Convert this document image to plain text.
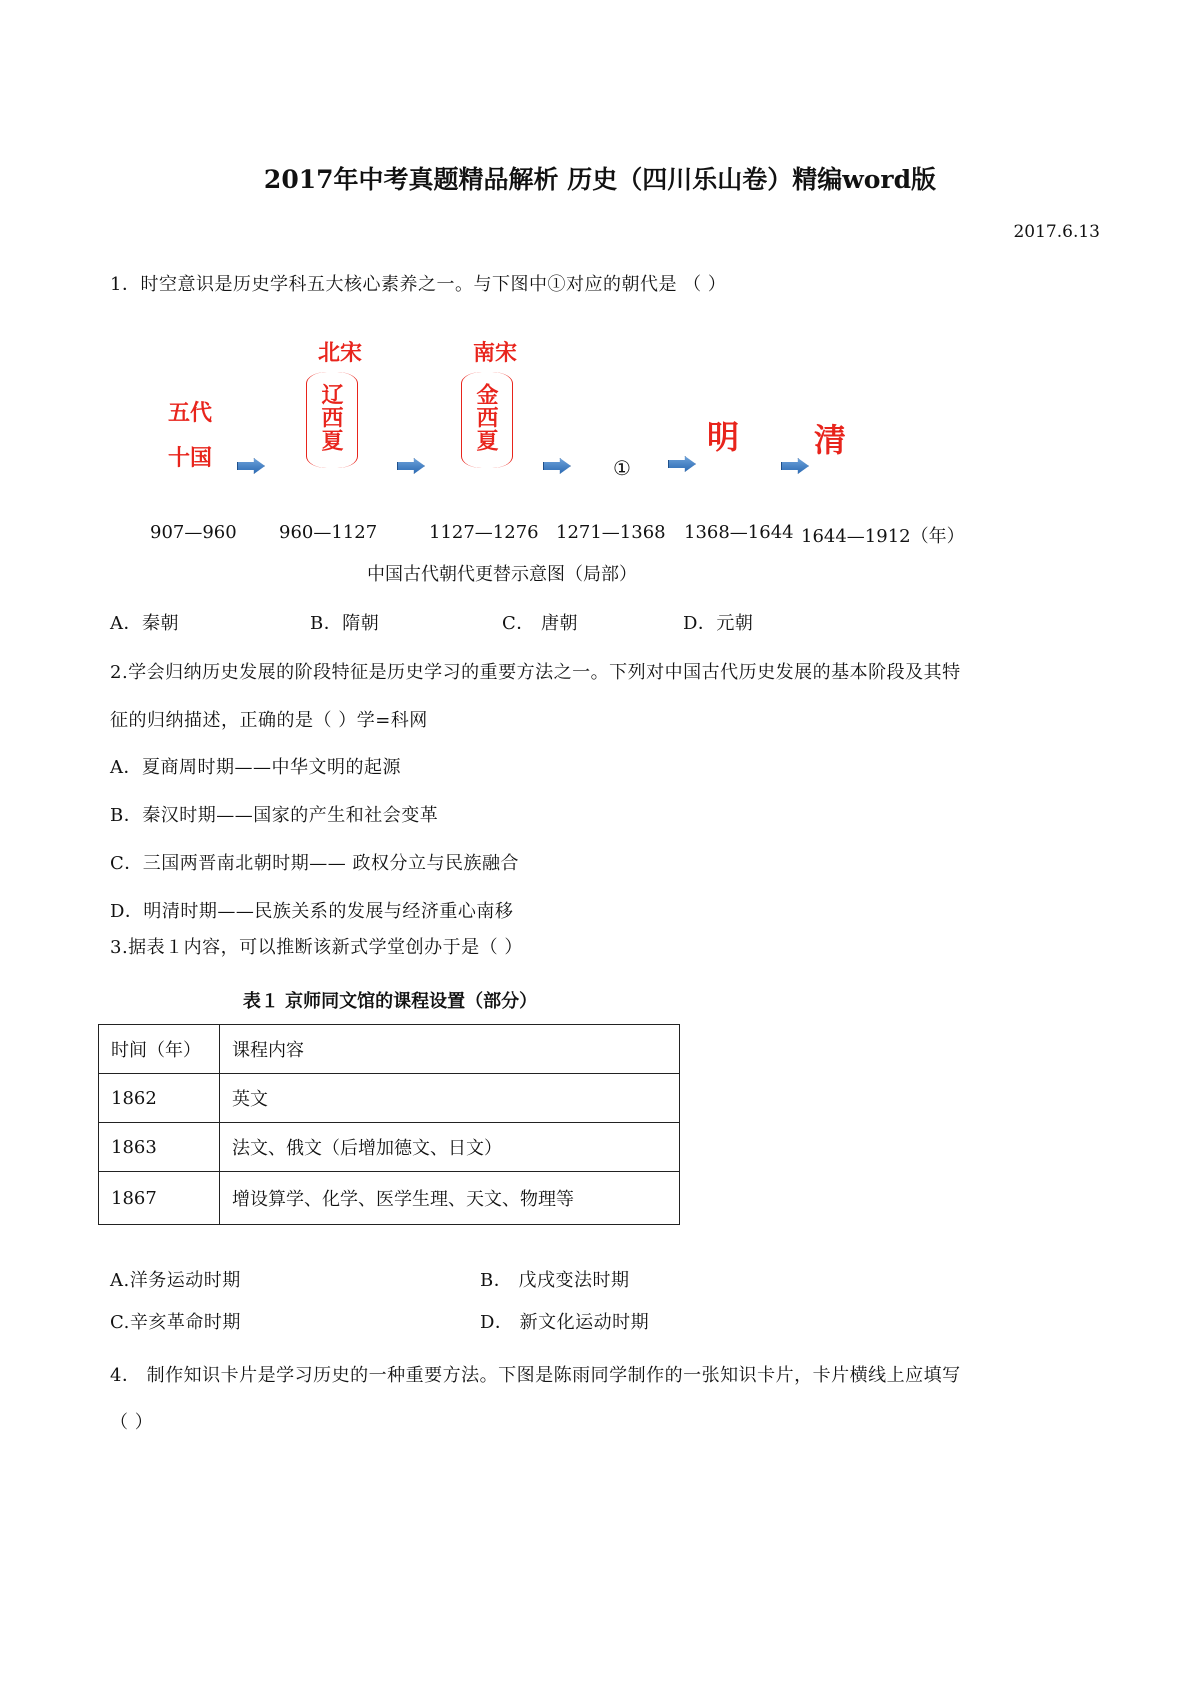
2017年中考真题精品解析 历史（四川乐山卷）精编word版
2017.6.13
1．时空意识是历史学科五大核心素养之一。与下图中①对应的朝代是 （ ）
五代
十国
北宋
辽西夏
南宋
金西夏
①
明 清
907—960 960—1127	1127—1276 1271—1368 1368—1644 1644—1912（年）
中国古代朝代更替示意图（局部）
A．秦朝	B．隋朝	C． 唐朝	D．元朝
2.学会归纳历史发展的阶段特征是历史学习的重要方法之一。下列对中国古代历史发展的基本阶段及其特
征的归纳描述，正确的是（ ）学=科网
A．夏商周时期——中华文明的起源
B．秦汉时期——国家的产生和社会变革
C．三国两晋南北朝时期—— 政权分立与民族融合
D．明清时期——民族关系的发展与经济重心南移
3.据表１内容，可以推断该新式学堂创办于是（ ）
表１ 京师同文馆的课程设置（部分）
时间（年）	课程内容
1862	英文
1863	法文、俄文（后增加德文、日文）
1867	增设算学、化学、医学生理、天文、物理等
A.洋务运动时期	B． 戊戌变法时期
C.辛亥革命时期	D． 新文化运动时期
4． 制作知识卡片是学习历史的一种重要方法。下图是陈雨同学制作的一张知识卡片，卡片横线上应填写
（ ）
